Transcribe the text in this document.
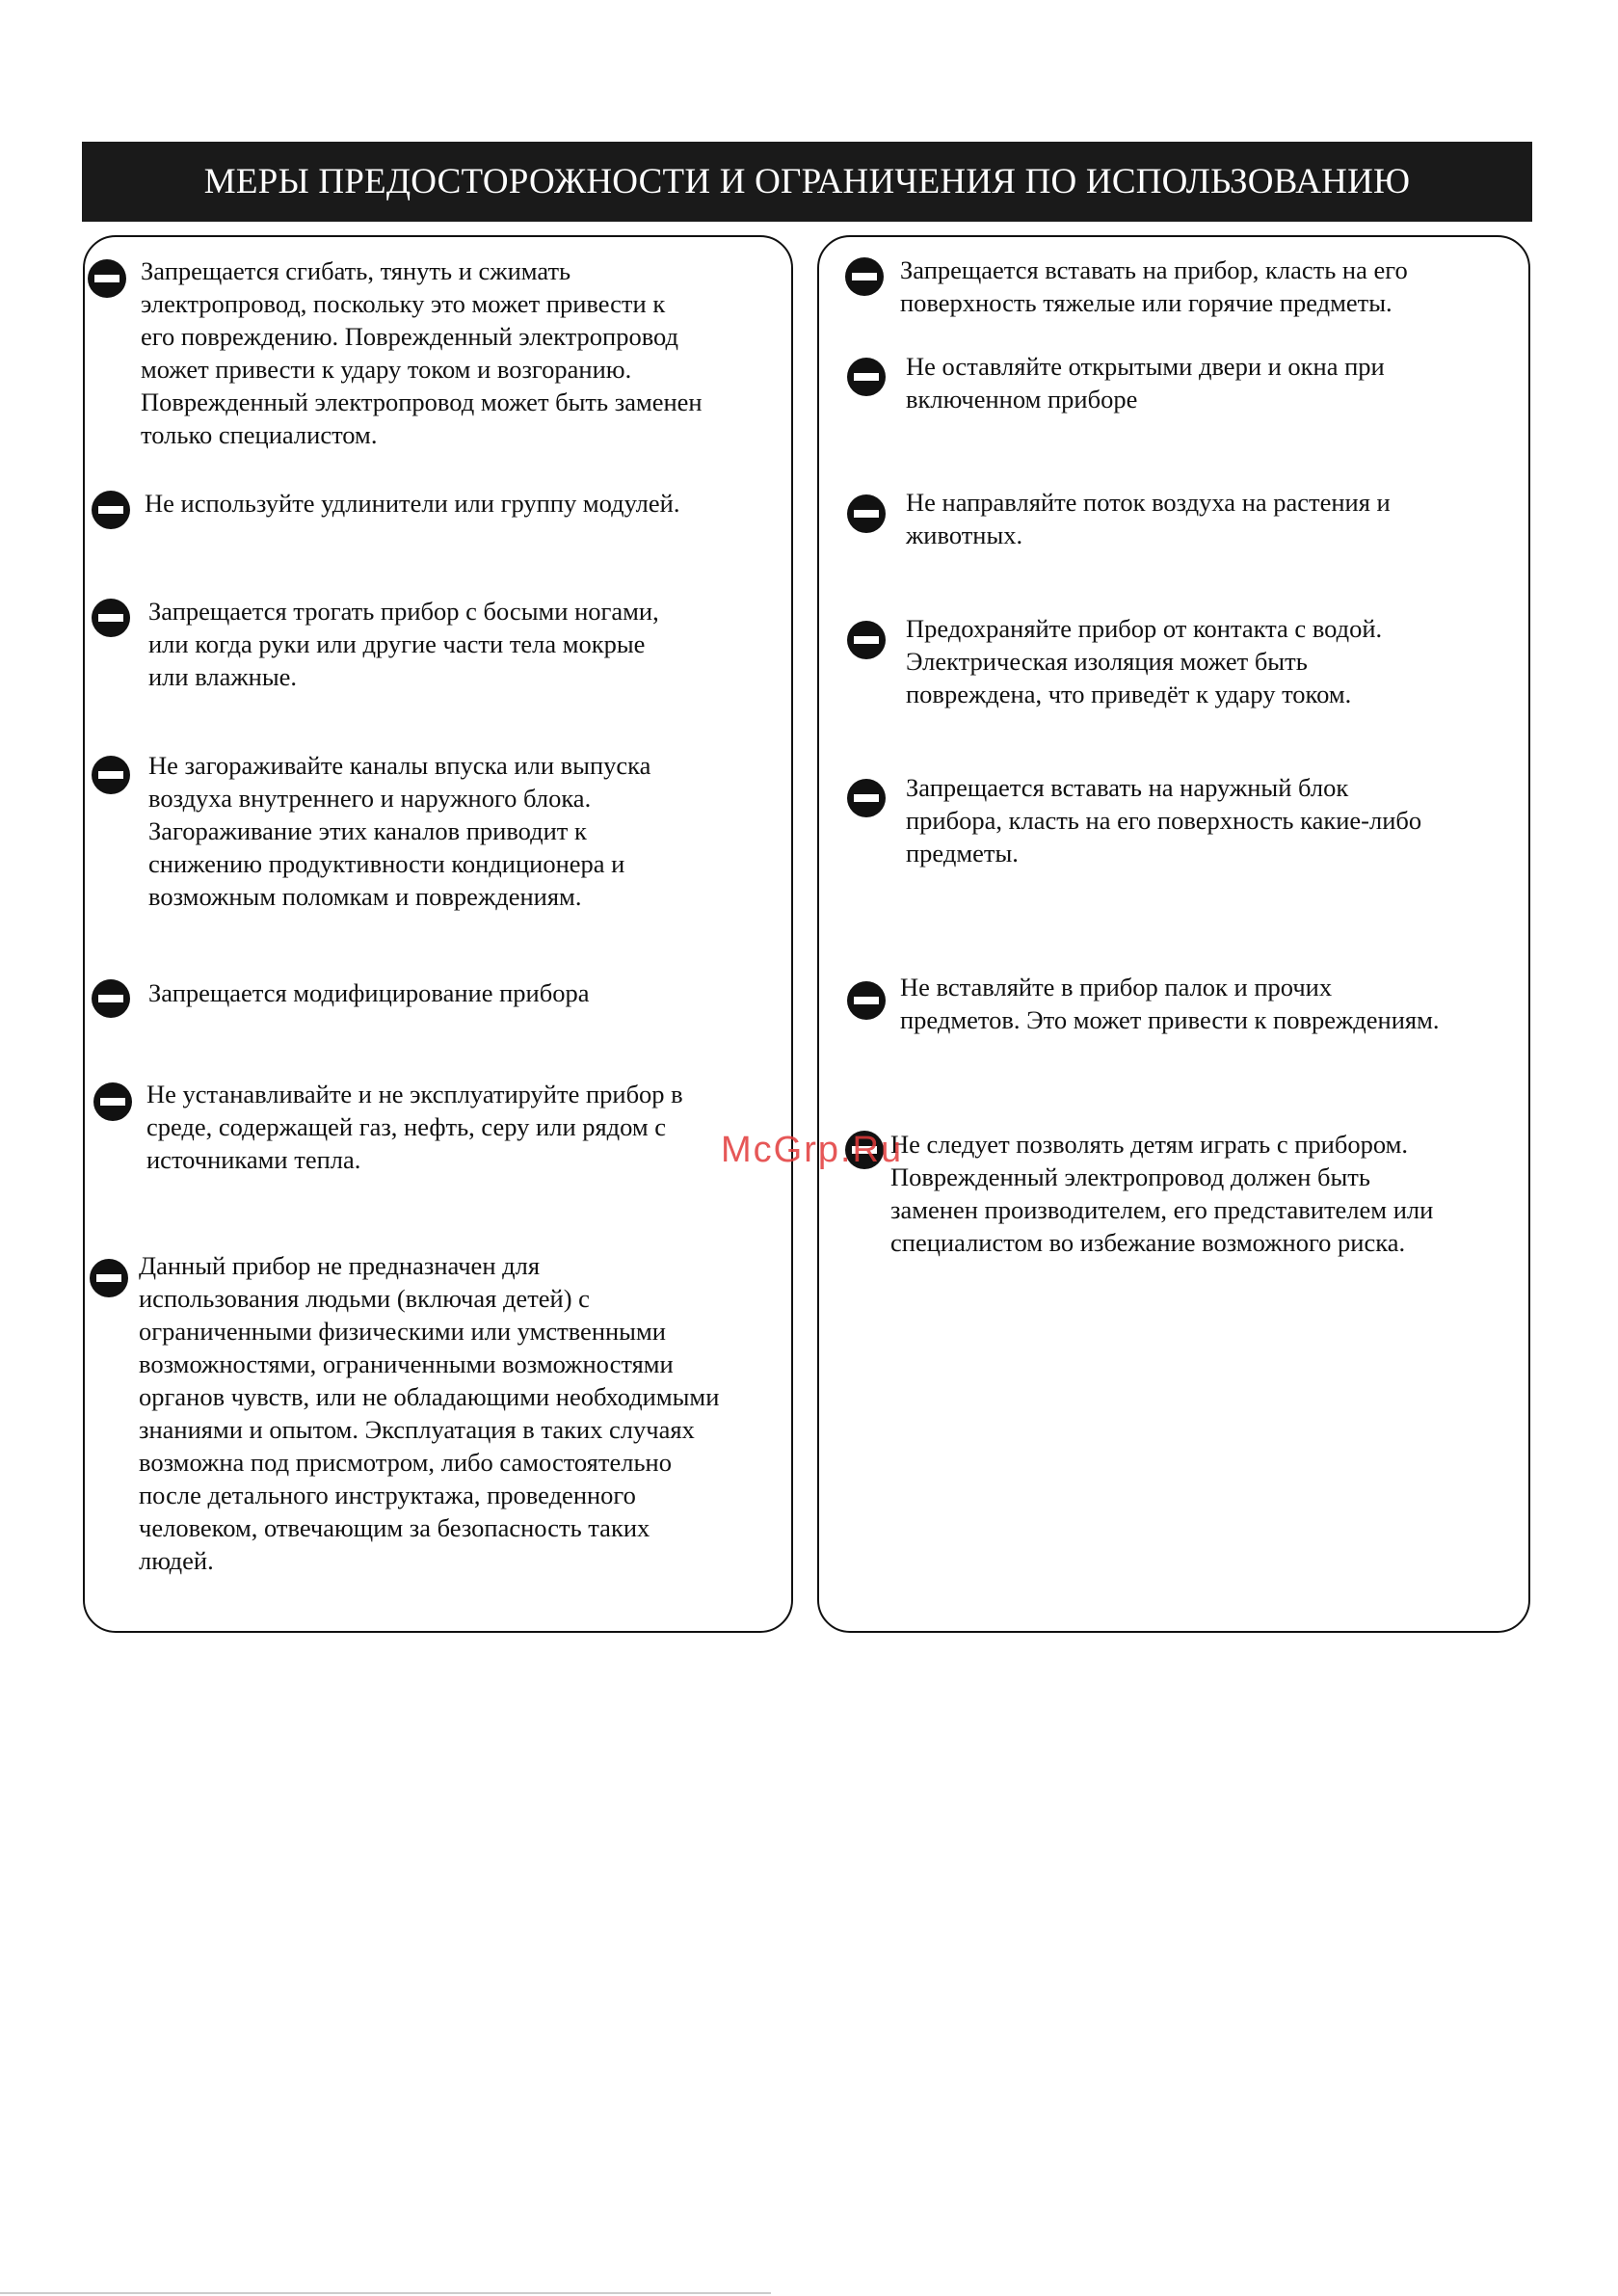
МЕРЫ ПРЕДОСТОРОЖНОСТИ И ОГРАНИЧЕНИЯ ПО ИСПОЛЬЗОВАНИЮ
Запрещается сгибать, тянуть и сжимать
электропровод, поскольку это может привести к
его повреждению. Поврежденный электропровод
может привести к удару током и возгоранию.
Поврежденный электропровод может быть заменен
только специалистом.
Не используйте удлинители или группу модулей.
Запрещается трогать прибор с босыми ногами,
или когда руки или другие части тела мокрые
или влажные.
Не загораживайте каналы впуска или выпуска
воздуха внутреннего и наружного блока.
Загораживание этих каналов приводит к
снижению продуктивности кондиционера и
возможным поломкам и повреждениям.
Запрещается модифицирование прибора
Не устанавливайте и не эксплуатируйте прибор в
среде, содержащей газ, нефть, серу или рядом с
источниками тепла.
Данный прибор не предназначен для
использования людьми (включая детей) с
ограниченными физическими или умственными
возможностями, ограниченными возможностями
органов чувств, или не обладающими необходимыми
знаниями и опытом. Эксплуатация в таких случаях
возможна под присмотром, либо самостоятельно
после детального инструктажа, проведенного
человеком, отвечающим за безопасность таких
людей.
Запрещается вставать на прибор, класть на его
поверхность тяжелые или горячие предметы.
Не оставляйте открытыми двери и окна при
включенном приборе
Не направляйте поток воздуха на растения и
животных.
Предохраняйте прибор от контакта с водой.
Электрическая изоляция может быть
повреждена, что приведёт к удару током.
Запрещается вставать на наружный блок
прибора, класть на его поверхность какие-либо
предметы.
Не вставляйте в прибор палок и прочих
предметов. Это может привести к повреждениям.
Не следует позволять детям играть с прибором.
Поврежденный электропровод должен быть
заменен производителем, его представителем или
специалистом во избежание возможного риска.
McGrp.Ru
